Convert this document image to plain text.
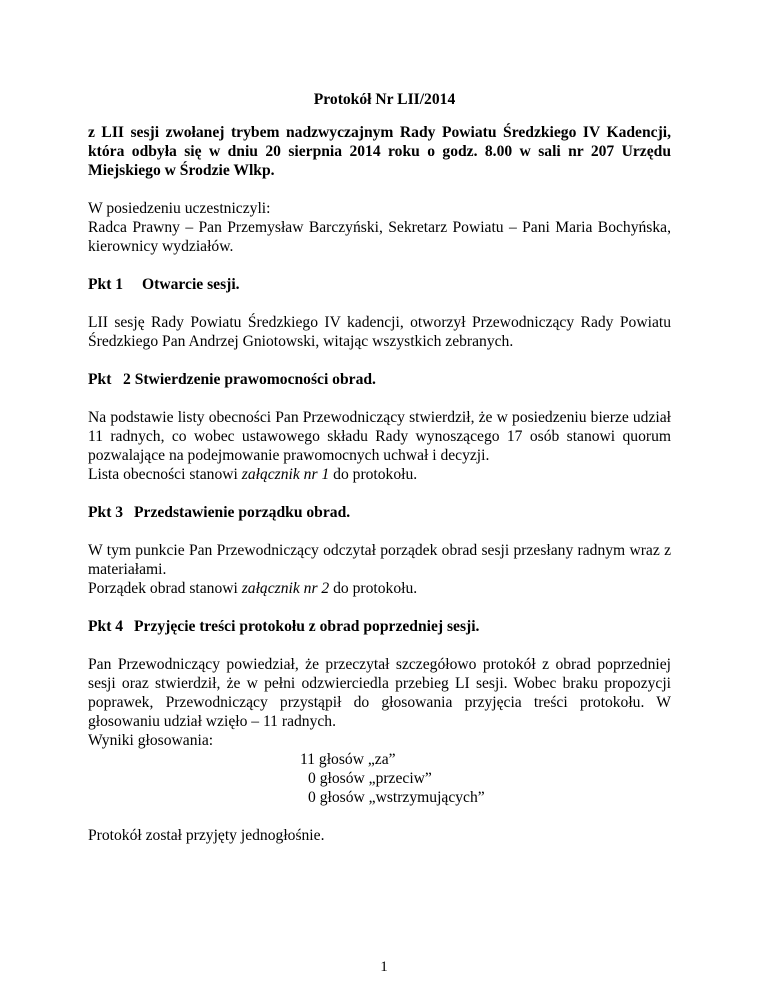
Protokół Nr LII/2014

z LII sesji zwołanej trybem nadzwyczajnym Rady Powiatu Średzkiego IV Kadencji, która odbyła się w dniu 20 sierpnia 2014 roku o godz. 8.00 w sali nr 207 Urzędu Miejskiego w Środzie Wlkp.

W posiedzeniu uczestniczyli:

Radca Prawny – Pan Przemysław Barczyński, Sekretarz Powiatu – Pani Maria Bochyńska, kierownicy wydziałów.

Pkt 1 Otwarcie sesji.

LII sesję Rady Powiatu Średzkiego IV kadencji, otworzył Przewodniczący Rady Powiatu Średzkiego Pan Andrzej Gniotowski, witając wszystkich zebranych.

Pkt 2 Stwierdzenie prawomocności obrad.

Na podstawie listy obecności Pan Przewodniczący stwierdził, że w posiedzeniu bierze udział 11 radnych, co wobec ustawowego składu Rady wynoszącego 17 osób stanowi quorum pozwalające na podejmowanie prawomocnych uchwał i decyzji.

Lista obecności stanowi załącznik nr 1 do protokołu.
Pkt 3 Przedstawienie porządku obrad.

W tym punkcie Pan Przewodniczący odczytał porządek obrad sesji przesłany radnym wraz z materiałami.

Porządek obrad stanowi załącznik nr 2 do protokołu.
Pkt 4 Przyjęcie treści protokołu z obrad poprzedniej sesji.

Pan Przewodniczący powiedział, że przeczytał szczegółowo protokół z obrad poprzedniej sesji oraz stwierdził, że w pełni odzwierciedla przebieg LI sesji. Wobec braku propozycji poprawek, Przewodniczący przystąpił do głosowania przyjęcia treści protokołu. W głosowaniu udział wzięło – 11 radnych.

Wyniki głosowania:
11 głosów „za”
0 głosów „przeciw”
0 głosów „wstrzymujących”

Protokół został przyjęty jednogłośnie.

1
